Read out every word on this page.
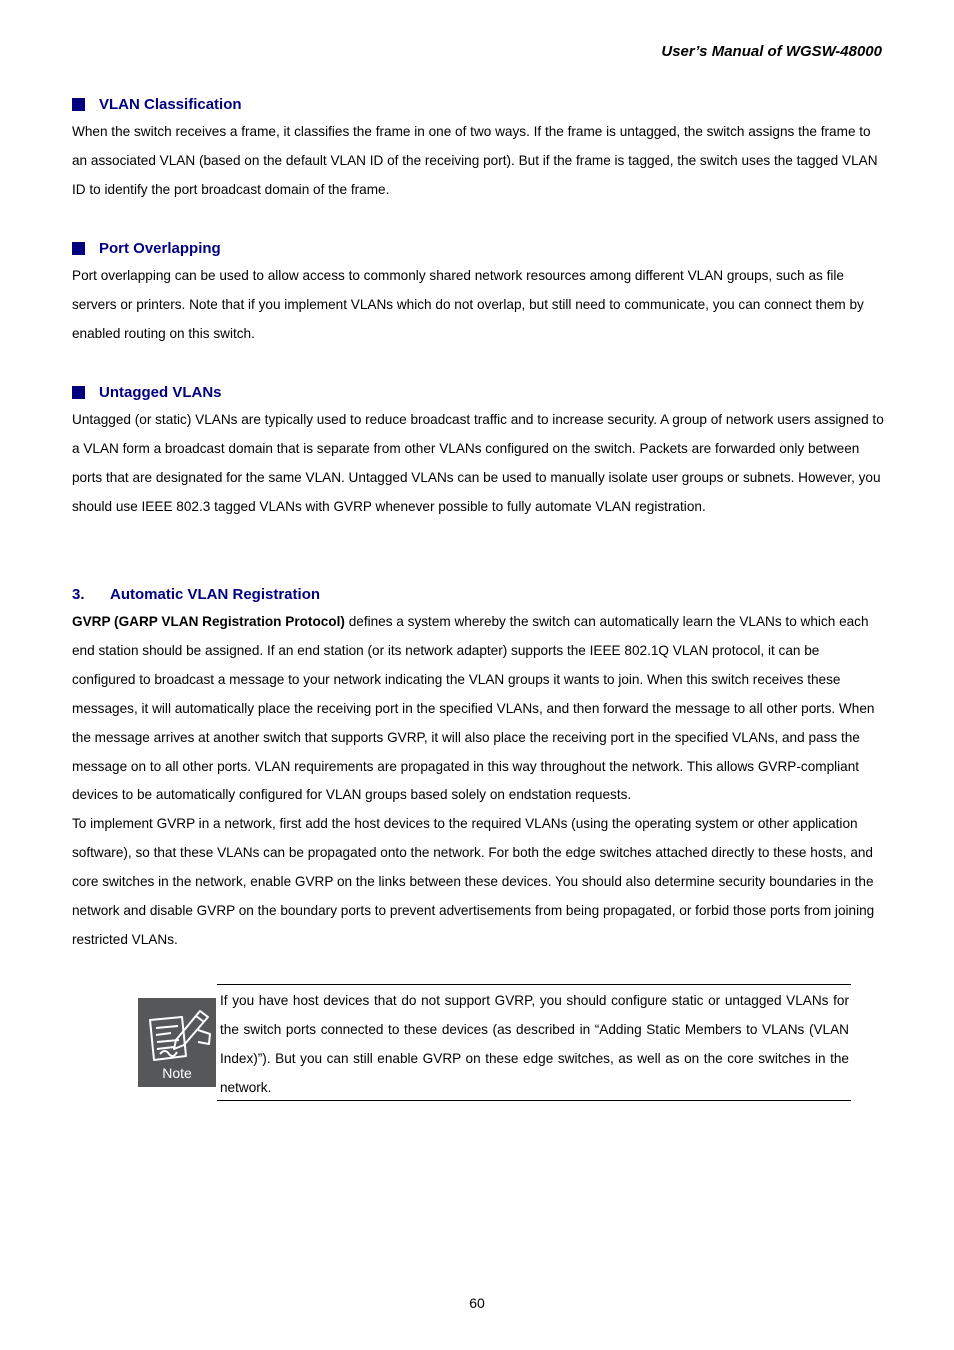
User’s Manual of WGSW-48000
VLAN Classification

When the switch receives a frame, it classifies the frame in one of two ways. If the frame is untagged, the switch assigns the frame to an associated VLAN (based on the default VLAN ID of the receiving port). But if the frame is tagged, the switch uses the tagged VLAN ID to identify the port broadcast domain of the frame.

Port Overlapping

Port overlapping can be used to allow access to commonly shared network resources among different VLAN groups, such as file servers or printers. Note that if you implement VLANs which do not overlap, but still need to communicate, you can connect them by enabled routing on this switch.

Untagged VLANs

Untagged (or static) VLANs are typically used to reduce broadcast traffic and to increase security. A group of network users assigned to a VLAN form a broadcast domain that is separate from other VLANs configured on the switch. Packets are forwarded only between ports that are designated for the same VLAN. Untagged VLANs can be used to manually isolate user groups or subnets. However, you should use IEEE 802.3 tagged VLANs with GVRP whenever possible to fully automate VLAN registration.

3.	Automatic VLAN Registration

GVRP (GARP VLAN Registration Protocol) defines a system whereby the switch can automatically learn the VLANs to which each end station should be assigned. If an end station (or its network adapter) supports the IEEE 802.1Q VLAN protocol, it can be configured to broadcast a message to your network indicating the VLAN groups it wants to join. When this switch receives these messages, it will automatically place the receiving port in the specified VLANs, and then forward the message to all other ports. When the message arrives at another switch that supports GVRP, it will also place the receiving port in the specified VLANs, and pass the message on to all other ports. VLAN requirements are propagated in this way throughout the network. This allows GVRP-compliant devices to be automatically configured for VLAN groups based solely on endstation requests.

To implement GVRP in a network, first add the host devices to the required VLANs (using the operating system or other application software), so that these VLANs can be propagated onto the network. For both the edge switches attached directly to these hosts, and core switches in the network, enable GVRP on the links between these devices. You should also determine security boundaries in the network and disable GVRP on the boundary ports to prevent advertisements from being propagated, or forbid those ports from joining restricted VLANs.

Note
If you have host devices that do not support GVRP, you should configure static or untagged VLANs for the switch ports connected to these devices (as described in “Adding Static Members to VLANs (VLAN Index)”). But you can still enable GVRP on these edge switches, as well as on the core switches in the network.
60
